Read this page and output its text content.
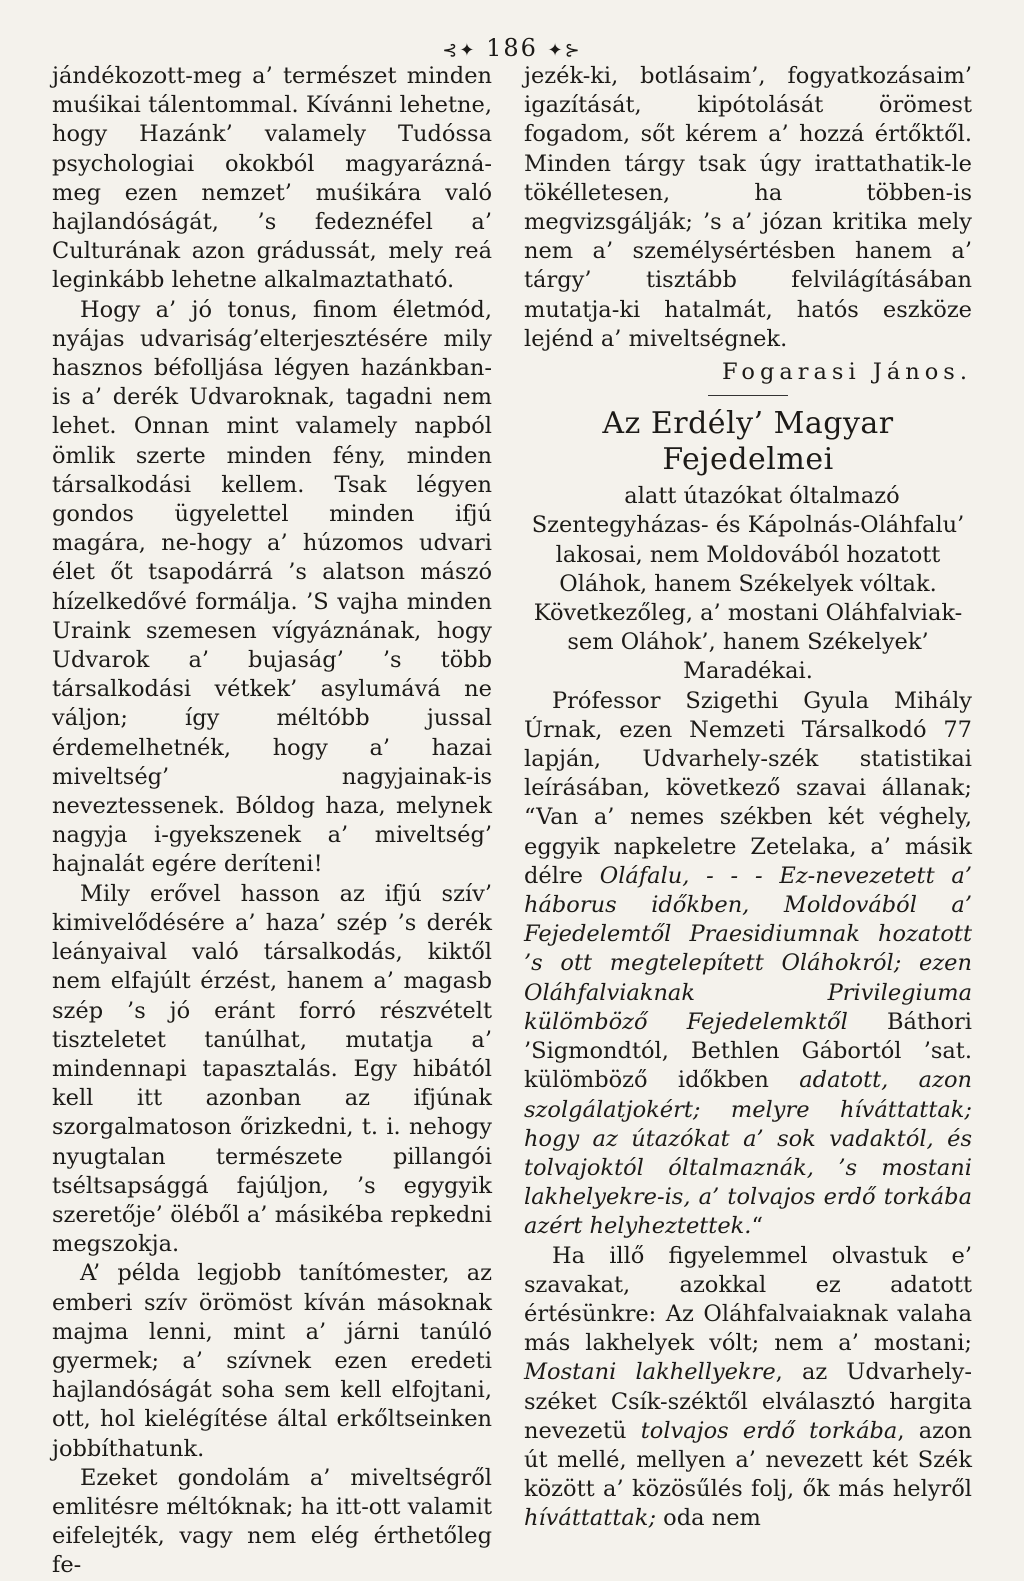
⊰✦ 186 ✦⊱

jándékozott-meg a’ természet minden muśikai tálentommal. Kívánni lehetne, hogy Hazánk’ valamely Tudóssa psychologiai okokból magyarázná-meg ezen nemzet’ muśikára való hajlandóságát, ’s fedeznéfel a’ Culturának azon grádussát, mely reá leginkább lehetne alkalmaztatható.

Hogy a’ jó tonus, finom életmód, nyájas udvariság’elterjesztésére mily hasznos béfolljása légyen hazánkban-is a’ derék Udvaroknak, tagadni nem lehet. Onnan mint valamely napból ömlik szerte minden fény, minden társalkodási kellem. Tsak légyen gondos ügyelettel minden ifjú magára, ne-hogy a’ húzomos udvari élet őt tsapodárrá ’s alatson mászó hízelkedővé formálja. ’S vajha minden Uraink szemesen vígyáznának, hogy Udvarok a’ bujaság’ ’s több társalkodási vétkek’ asylumává ne váljon; így méltóbb jussal érdemelhetnék, hogy a’ hazai miveltség’ nagyjainak-is neveztessenek. Bóldog haza, melynek nagyja i-gyekszenek a’ miveltség’ hajnalát egére deríteni!

Mily erővel hasson az ifjú szív’ kimivelődésére a’ haza’ szép ’s derék leányaival való társalkodás, kiktől nem elfajúlt érzést, hanem a’ magasb szép ’s jó eránt forró részvételt tiszteletet tanúlhat, mutatja a’ mindennapi tapasztalás. Egy hibától kell itt azonban az ifjúnak szorgalmatoson őrizkedni, t. i. nehogy nyugtalan természete pillangói tséltsapsággá fajúljon, ’s egygyik szeretője’ öléből a’ másikéba repkedni megszokja.

A’ példa legjobb tanítómester, az emberi szív örömöst kíván másoknak majma lenni, mint a’ járni tanúló gyermek; a’ szívnek ezen eredeti hajlandóságát soha sem kell elfojtani, ott, hol kielégítése által erkőltseinken jobbíthatunk.

Ezeket gondolám a’ miveltségről emlitésre méltóknak; ha itt-ott valamit eifelejték, vagy nem elég érthetőleg fe-

jezék-ki, botlásaim’, fogyatkozásaim’ igazítását, kipótolását örömest fogadom, sőt kérem a’ hozzá értőktől. Minden tárgy tsak úgy irattathatik-le tökélletesen, ha többen-is megvizsgálják; ’s a’ józan kritika mely nem a’ személysértésben hanem a’ tárgy’ tisztább felvilágításában mutatja-ki hatalmát, hatós eszköze lejénd a’ miveltségnek.

Fogarasi János.
Az Erdély’ Magyar Fejedelmei

alatt útazókat óltalmazó Szentegyházas- és Kápolnás-Oláhfalu’ lakosai, nem Moldovából hozatott Oláhok, hanem Székelyek vóltak. Következőleg, a’ mostani Oláhfalviak-sem Oláhok’, hanem Székelyek’ Maradékai.

Prófessor Szigethi Gyula Mihály Úrnak, ezen Nemzeti Társalkodó 77 lapján, Udvarhely-szék statistikai leírásában, következő szavai állanak; “Van a’ nemes székben két véghely, eggyik napkeletre Zetelaka, a’ másik délre Oláfalu, - - - Ez-nevezetett a’ háborus időkben, Moldovából a’ Fejedelemtől Praesidiumnak hozatott ’s ott megtelepített Oláhokról; ezen Oláhfalviaknak Privilegiuma külömböző Fejedelemktől Báthori ’Sigmondtól, Bethlen Gábortól ’sat. külömböző időkben adatott, azon szolgálatjokért; melyre híváttattak; hogy az útazókat a’ sok vadaktól, és tolvajoktól óltalmaznák, ’s mostani lakhelyekre-is, a’ tolvajos erdő torkába azért helyheztettek.“

Ha illő figyelemmel olvastuk e’ szavakat, azokkal ez adatott értésünkre: Az Oláhfalvaiaknak valaha más lakhelyek vólt; nem a’ mostani; Mostani lakhellyekre, az Udvarhely-széket Csík-széktől elválasztó hargita nevezetü tolvajos erdő torkába, azon út mellé, mellyen a’ nevezett két Szék között a’ közösűlés folj, ők más helyről híváttattak; oda nem
